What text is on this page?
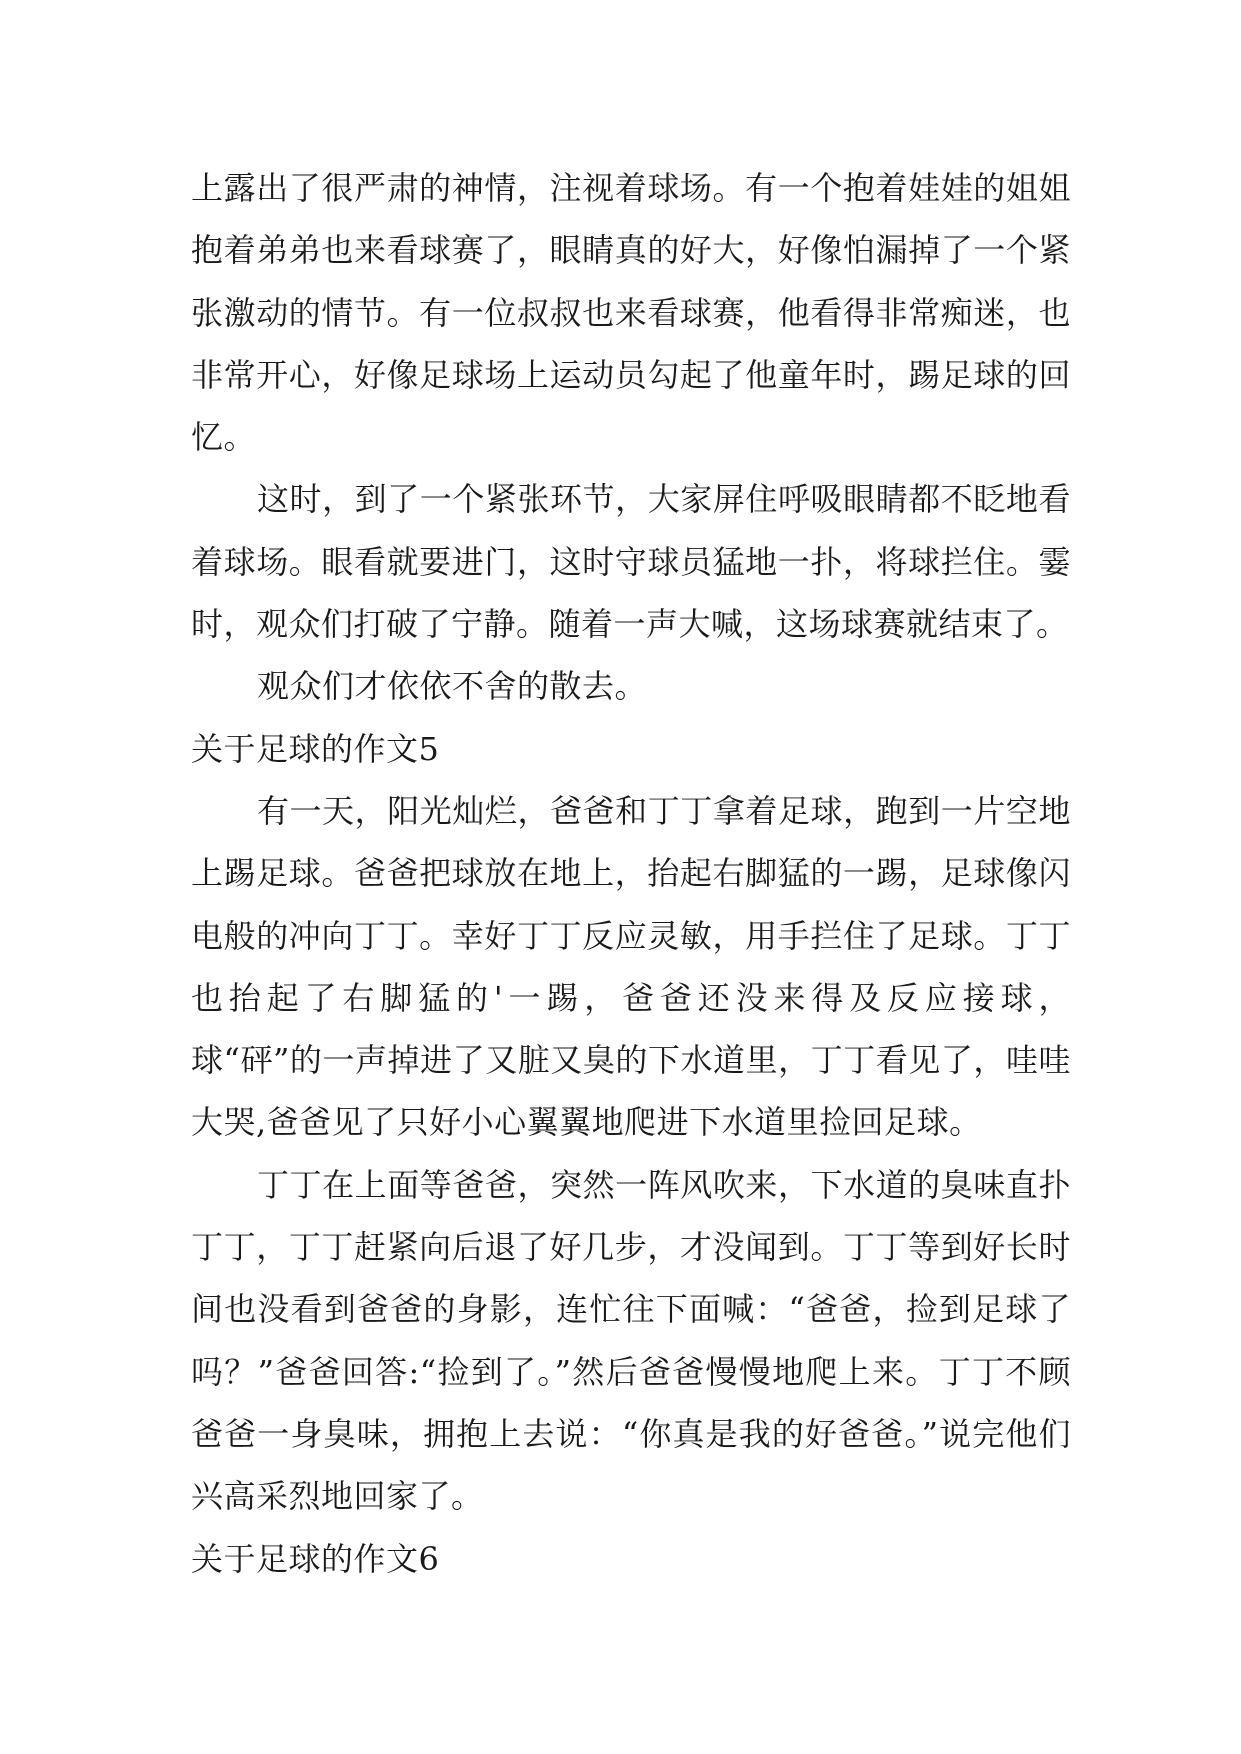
上露出了很严肃的神情，注视着球场。有一个抱着娃娃的姐姐抱着弟弟也来看球赛了，眼睛真的好大，好像怕漏掉了一个紧张激动的情节。有一位叔叔也来看球赛，他看得非常痴迷，也非常开心，好像足球场上运动员勾起了他童年时，踢足球的回忆。

这时，到了一个紧张环节，大家屏住呼吸眼睛都不眨地看着球场。眼看就要进门，这时守球员猛地一扑，将球拦住。霎时，观众们打破了宁静。随着一声大喊，这场球赛就结束了。

观众们才依依不舍的散去。

关于足球的作文5

有一天，阳光灿烂，爸爸和丁丁拿着足球，跑到一片空地上踢足球。爸爸把球放在地上，抬起右脚猛的一踢，足球像闪电般的冲向丁丁。幸好丁丁反应灵敏，用手拦住了足球。丁丁也抬起了右脚猛的'一踢，爸爸还没来得及反应接球，球“砰”的一声掉进了又脏又臭的下水道里，丁丁看见了，哇哇大哭,爸爸见了只好小心翼翼地爬进下水道里捡回足球。

丁丁在上面等爸爸，突然一阵风吹来，下水道的臭味直扑丁丁，丁丁赶紧向后退了好几步，才没闻到。丁丁等到好长时间也没看到爸爸的身影，连忙往下面喊：“爸爸，捡到足球了吗？”爸爸回答:“捡到了。”然后爸爸慢慢地爬上来。丁丁不顾爸爸一身臭味，拥抱上去说：“你真是我的好爸爸。”说完他们兴高采烈地回家了。

关于足球的作文6
